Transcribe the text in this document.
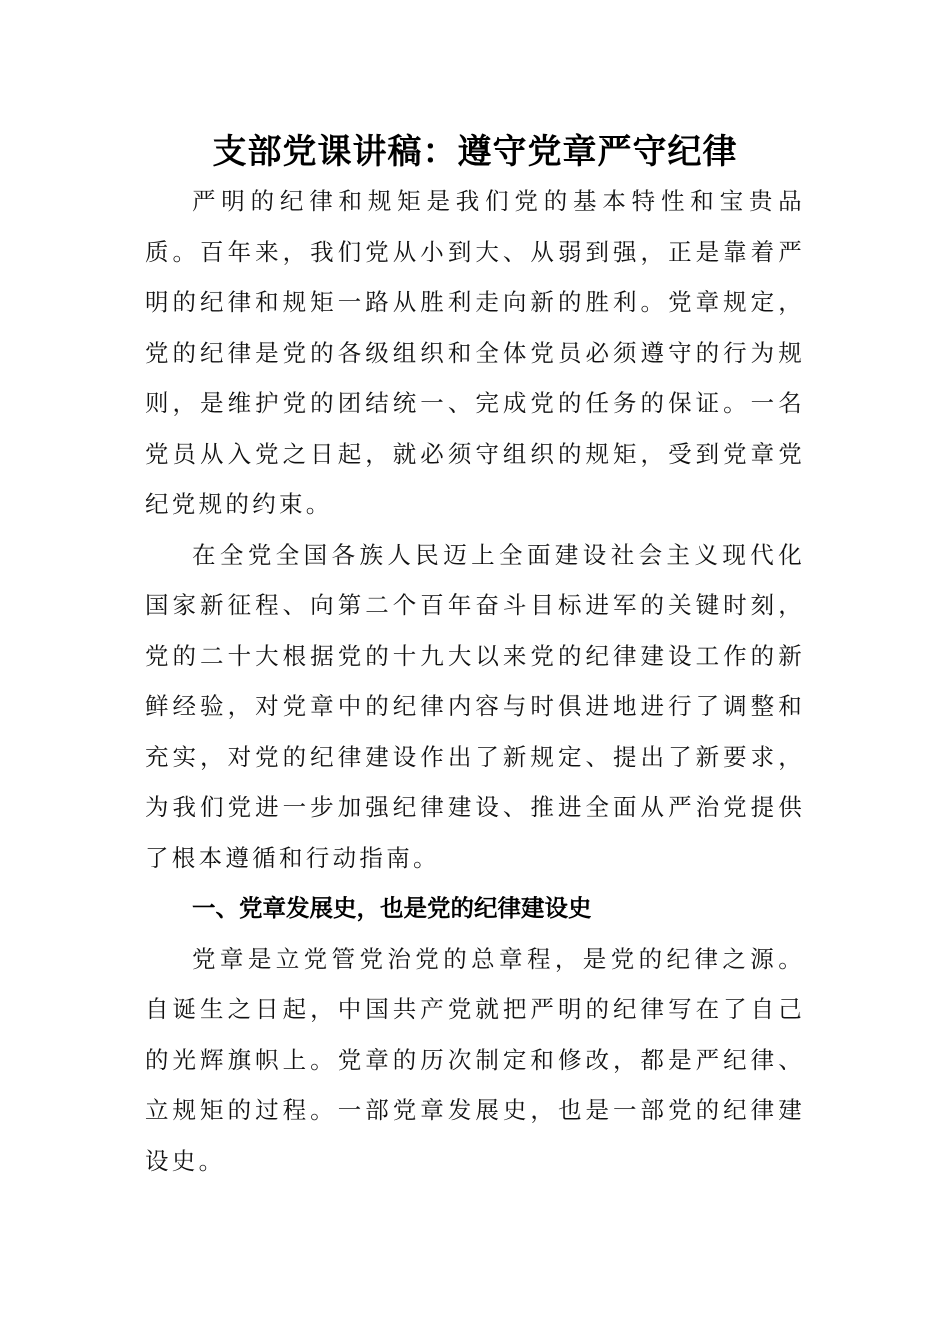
支部党课讲稿：遵守党章严守纪律

严明的纪律和规矩是我们党的基本特性和宝贵品质。百年来，我们党从小到大、从弱到强，正是靠着严明的纪律和规矩一路从胜利走向新的胜利。党章规定，党的纪律是党的各级组织和全体党员必须遵守的行为规则，是维护党的团结统一、完成党的任务的保证。一名党员从入党之日起，就必须守组织的规矩，受到党章党纪党规的约束。

在全党全国各族人民迈上全面建设社会主义现代化国家新征程、向第二个百年奋斗目标进军的关键时刻，党的二十大根据党的十九大以来党的纪律建设工作的新鲜经验，对党章中的纪律内容与时俱进地进行了调整和充实，对党的纪律建设作出了新规定、提出了新要求，为我们党进一步加强纪律建设、推进全面从严治党提供了根本遵循和行动指南。

一、党章发展史，也是党的纪律建设史

党章是立党管党治党的总章程，是党的纪律之源。自诞生之日起，中国共产党就把严明的纪律写在了自己的光辉旗帜上。党章的历次制定和修改，都是严纪律、立规矩的过程。一部党章发展史，也是一部党的纪律建设史。
